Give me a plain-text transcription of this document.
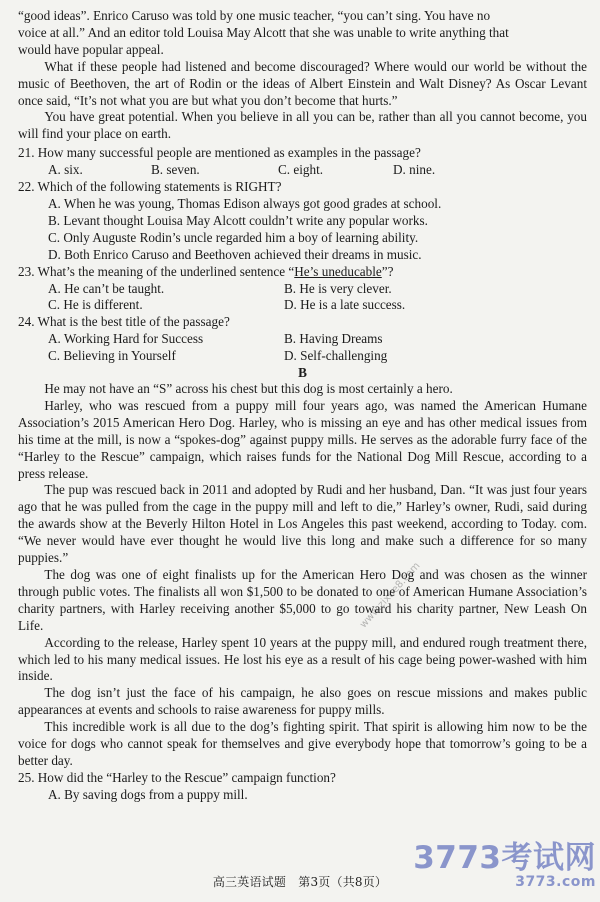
“good ideas”. Enrico Caruso was told by one music teacher, “you can’t sing. You have no
voice at all.” And an editor told Louisa May Alcott that she was unable to write anything that
would have popular appeal.

What if these people had listened and become discouraged? Where would our world be without the music of Beethoven, the art of Rodin or the ideas of Albert Einstein and Walt Disney? As Oscar Levant once said, “It’s not what you are but what you don’t become that hurts.”

You have great potential. When you believe in all you can be, rather than all you cannot become, you will find your place on earth.

21. How many successful people are mentioned as examples in the passage?

A. six.	B. seven.	C. eight.	D. nine.

22. Which of the following statements is RIGHT?

A. When he was young, Thomas Edison always got good grades at school.
B. Levant thought Louisa May Alcott couldn’t write any popular works.
C. Only Auguste Rodin’s uncle regarded him a boy of learning ability.
D. Both Enrico Caruso and Beethoven achieved their dreams in music.

23. What’s the meaning of the underlined sentence “He’s uneducable”?

A. He can’t be taught.	B. He is very clever.
C. He is different.	D. He is a late success.

24. What is the best title of the passage?

A. Working Hard for Success	B. Having Dreams
C. Believing in Yourself	D. Self-challenging
B

He may not have an “S” across his chest but this dog is most certainly a hero.

Harley, who was rescued from a puppy mill four years ago, was named the American Humane Association’s 2015 American Hero Dog. Harley, who is missing an eye and has other medical issues from his time at the mill, is now a “spokes-dog” against puppy mills. He serves as the adorable furry face of the “Harley to the Rescue” campaign, which raises funds for the National Dog Mill Rescue, according to a press release.

The pup was rescued back in 2011 and adopted by Rudi and her husband, Dan. “It was just four years ago that he was pulled from the cage in the puppy mill and left to die,” Harley’s owner, Rudi, said during the awards show at the Beverly Hilton Hotel in Los Angeles this past weekend, according to Today. com. “We never would have ever thought he would live this long and make such a difference for so many puppies.”

The dog was one of eight finalists up for the American Hero Dog and was chosen as the winner through public votes. The finalists all won $1,500 to be donated to one of American Humane Association’s charity partners, with Harley receiving another $5,000 to go toward his charity partner, New Leash On Life.

According to the release, Harley spent 10 years at the puppy mill, and endured rough treatment there, which led to his many medical issues. He lost his eye as a result of his cage being power-washed with him inside.

The dog isn’t just the face of his campaign, he also goes on rescue missions and makes public appearances at events and schools to raise awareness for puppy mills.

This incredible work is all due to the dog’s fighting spirit. That spirit is allowing him now to be the voice for dogs who cannot speak for themselves and give everybody hope that tomorrow’s going to be a better day.

25. How did the “Harley to the Rescue” campaign function?

A. By saving dogs from a puppy mill.
www.zixue8.com
高三英语试题　第3页（共8页）
3773考试网
3773.com
